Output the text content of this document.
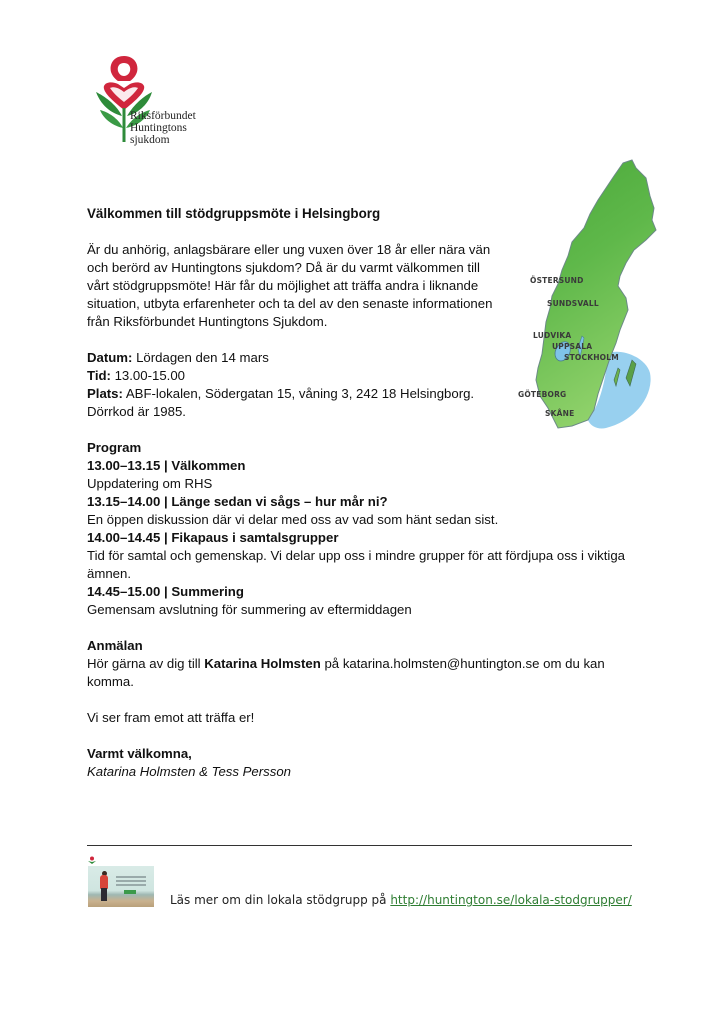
Riksförbundet
Huntingtons sjukdom
ÖSTERSUND
SUNDSVALL
LUDVIKA
UPPSALA
STOCKHOLM
GÖTEBORG
SKÅNE

Välkommen till stödgruppsmöte i Helsingborg

Är du anhörig, anlagsbärare eller ung vuxen över 18 år eller nära vän och berörd av Huntingtons sjukdom? Då är du varmt välkommen till vårt stödgruppsmöte! Här får du möjlighet att träffa andra i liknande situation, utbyta erfarenheter och ta del av den senaste informationen från Riksförbundet Huntingtons Sjukdom.

Datum: Lördagen den 14 mars

Tid: 13.00-15.00

Plats: ABF-lokalen, Södergatan 15, våning 3, 242 18 Helsingborg.

Dörrkod är 1985.

Program

13.00–13.15 | Välkommen

Uppdatering om RHS

13.15–14.00 | Länge sedan vi sågs – hur mår ni?

En öppen diskussion där vi delar med oss av vad som hänt sedan sist.

14.00–14.45 | Fikapaus i samtalsgrupper

Tid för samtal och gemenskap. Vi delar upp oss i mindre grupper för att fördjupa oss i viktiga ämnen.

14.45–15.00 | Summering

Gemensam avslutning för summering av eftermiddagen

Anmälan

Hör gärna av dig till Katarina Holmsten på katarina.holmsten@huntington.se om du kan komma.

Vi ser fram emot att träffa er!

Varmt välkomna,

Katarina Holmsten & Tess Persson

Läs mer om din lokala stödgrupp på http://huntington.se/lokala-stodgrupper/
